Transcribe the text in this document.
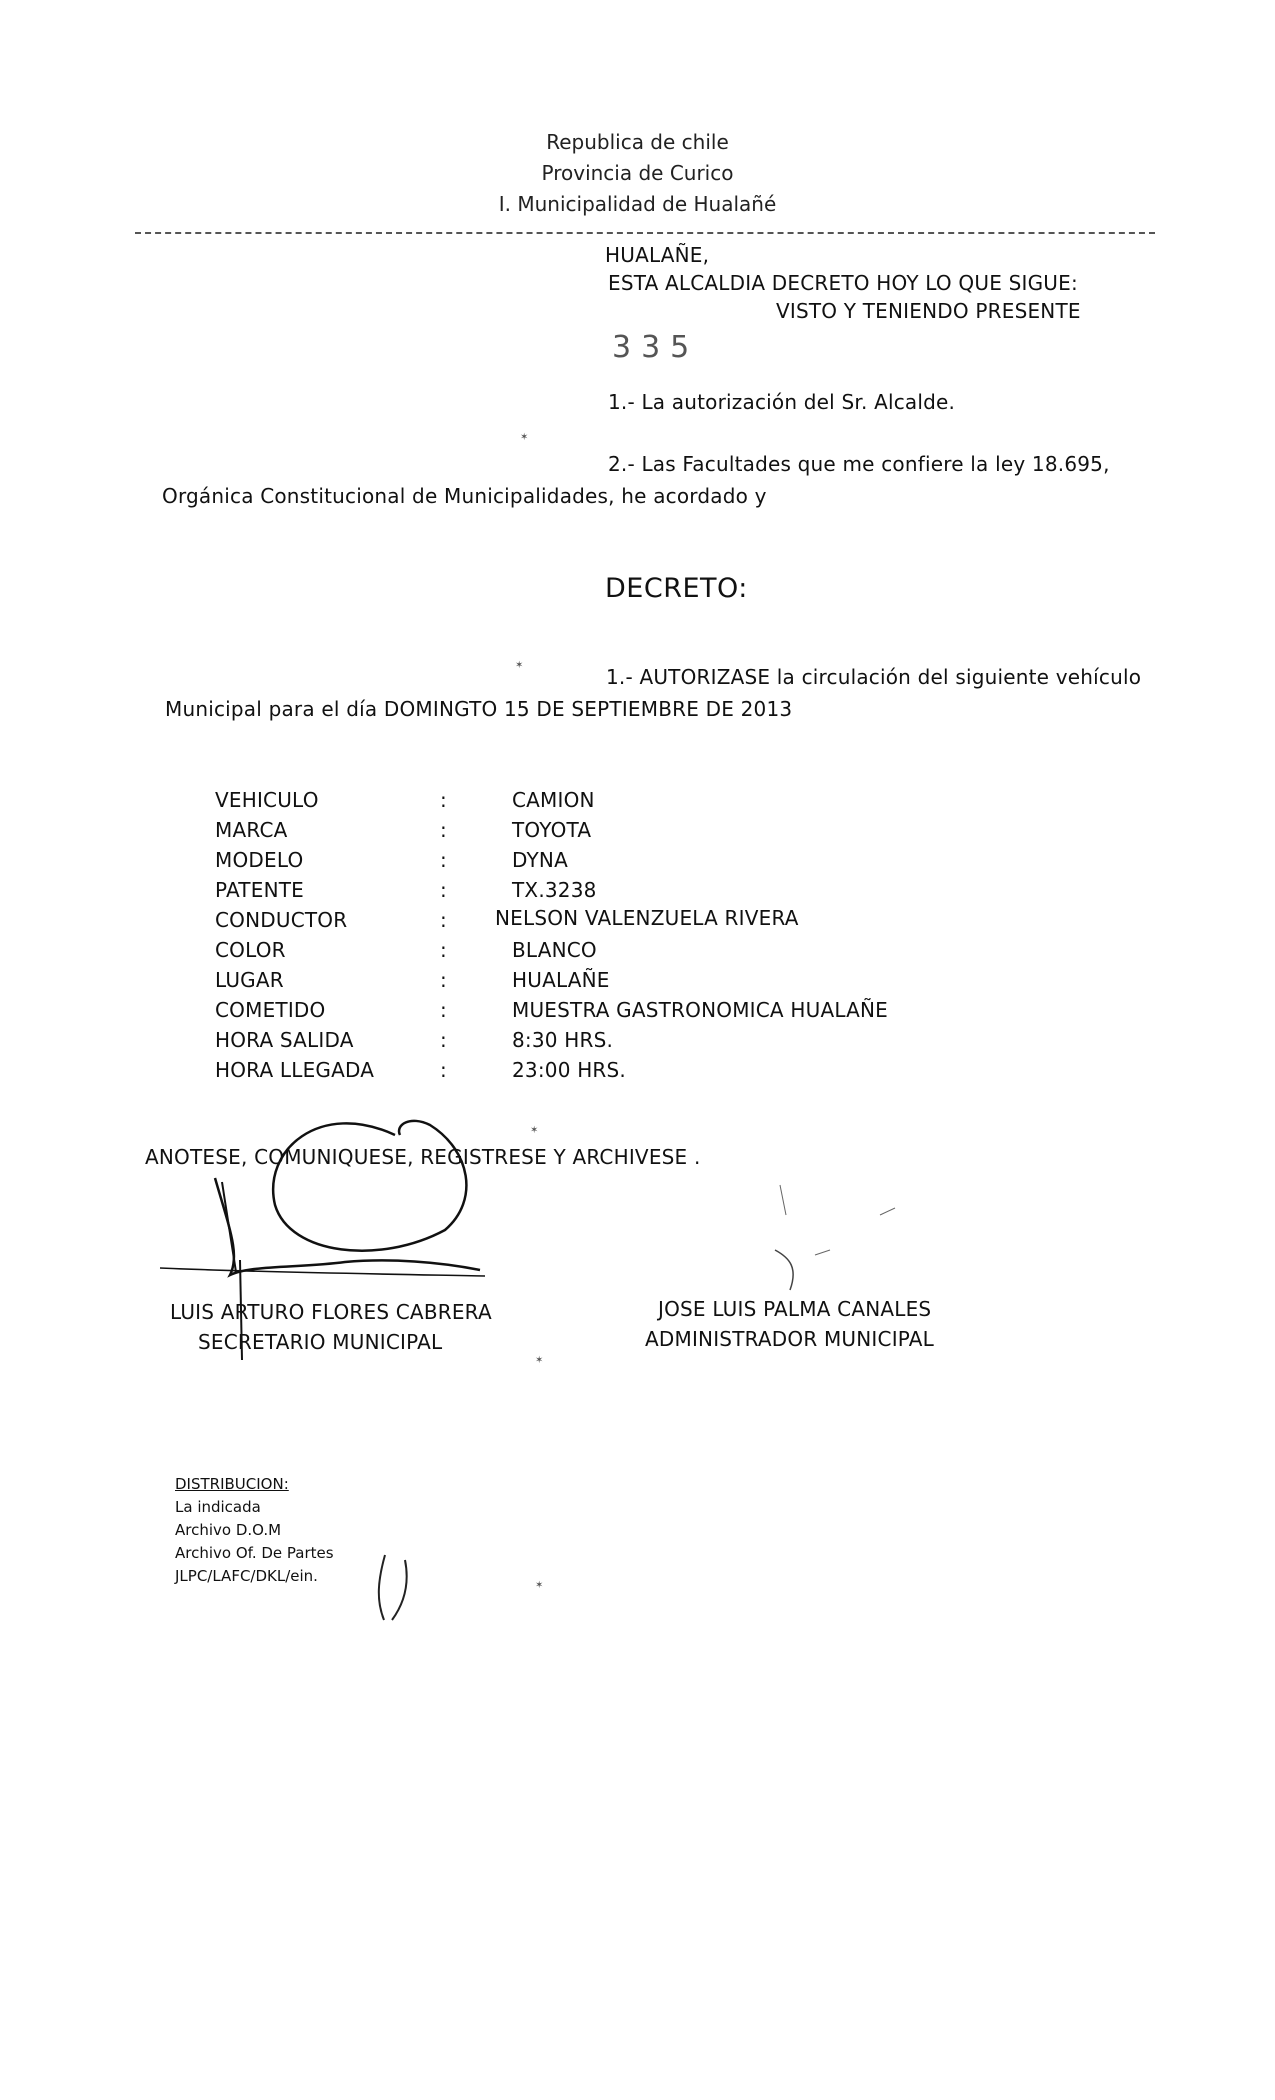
Republica de chile
Provincia de Curico
I. Municipalidad de Hualañé
HUALAÑE,
ESTA ALCALDIA DECRETO HOY LO QUE SIGUE:
VISTO Y TENIENDO PRESENTE
335
1.- La autorización del Sr. Alcalde.
2.- Las Facultades que me confiere la ley 18.695,
Orgánica Constitucional de Municipalidades, he acordado y
DECRETO:
1.- AUTORIZASE la circulación del siguiente vehículo
Municipal para el día DOMINGTO 15 DE SEPTIEMBRE DE 2013
VEHICULO	:	CAMION
MARCA	:	TOYOTA
MODELO	:	DYNA
PATENTE	:	TX.3238
CONDUCTOR	: NELSON VALENZUELA RIVERA
COLOR	:	BLANCO
LUGAR	:	HUALAÑE
COMETIDO	:	MUESTRA GASTRONOMICA HUALAÑE
HORA SALIDA	:	8:30 HRS.
HORA LLEGADA	:	23:00 HRS.
ANOTESE, COMUNIQUESE, REGISTRESE Y ARCHIVESE .
✶
✶
✶
✶
✶
LUIS ARTURO FLORES CABRERA
SECRETARIO MUNICIPAL
JOSE LUIS PALMA CANALES
ADMINISTRADOR MUNICIPAL
DISTRIBUCION:
La indicada
Archivo D.O.M
Archivo Of. De Partes
JLPC/LAFC/DKL/ein.
